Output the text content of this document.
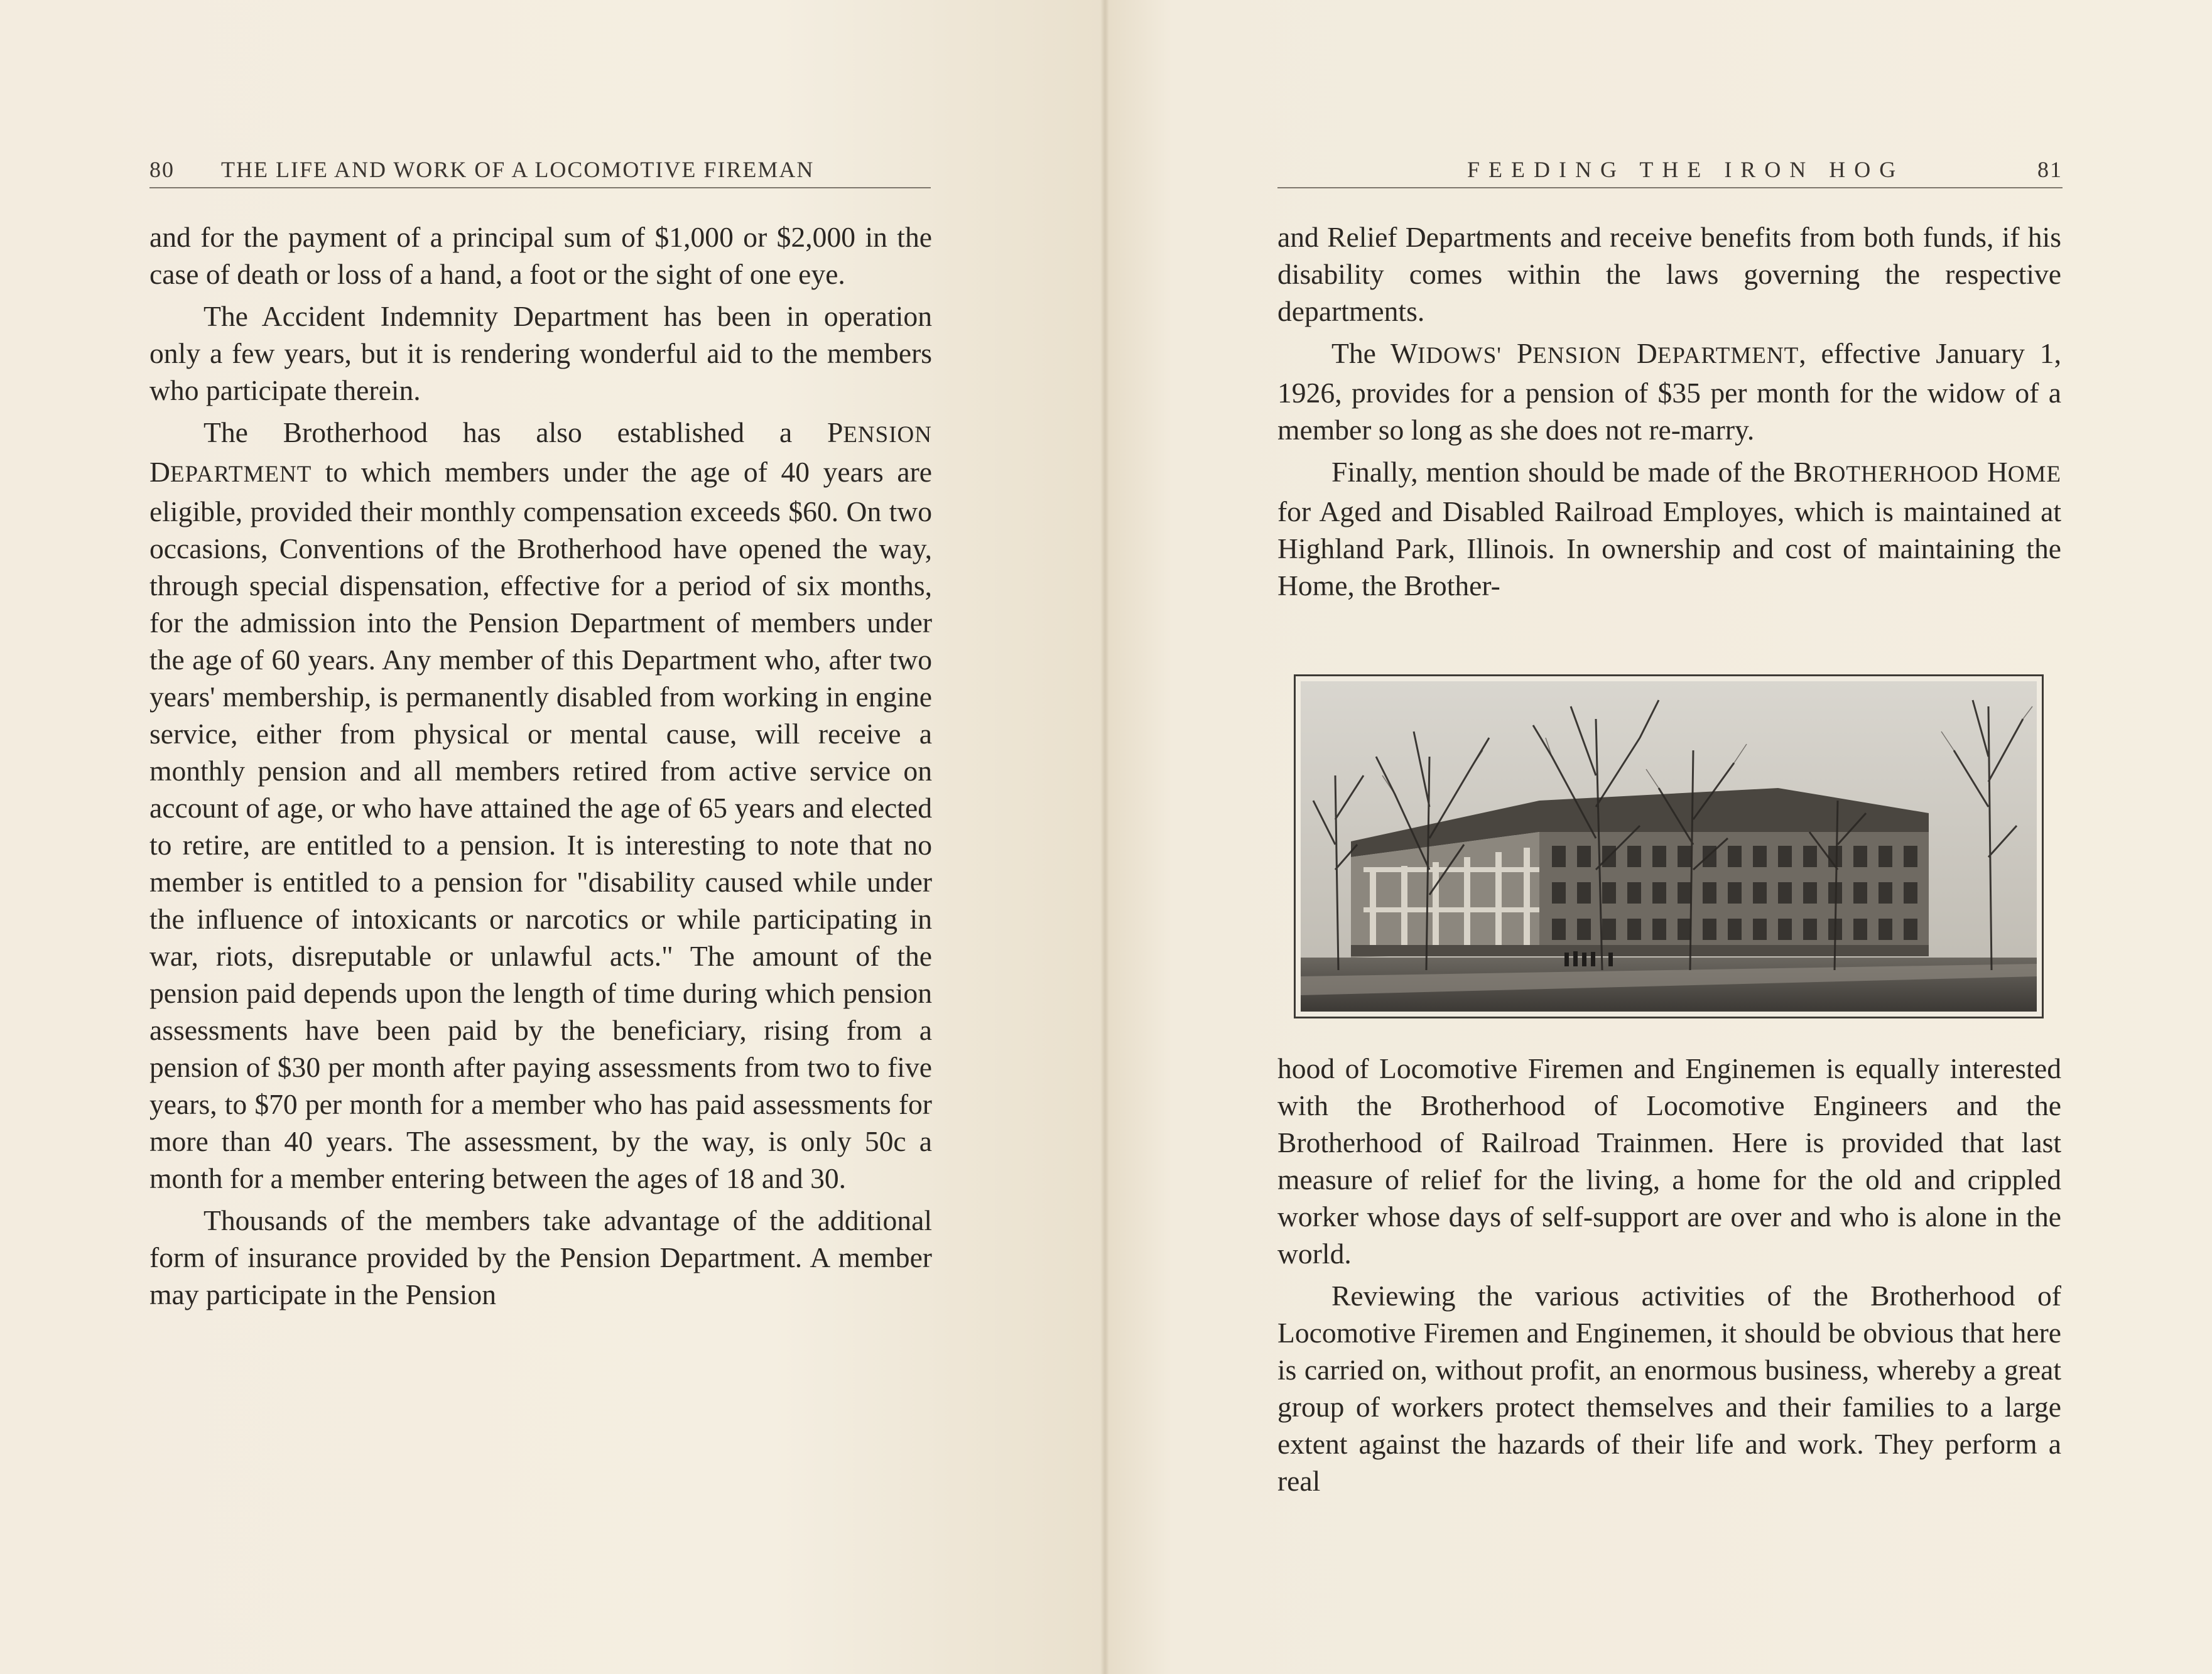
80 THE LIFE AND WORK OF A LOCOMOTIVE FIREMAN	FEEDING THE IRON HOG	81

and for the payment of a principal sum of $1,000 or $2,000 in the case of death or loss of a hand, a foot or the sight of one eye.

The Accident Indemnity Department has been in operation only a few years, but it is rendering wonderful aid to the members who participate therein.

The Brotherhood has also established a PENSION DEPARTMENT to which members under the age of 40 years are eligible, provided their monthly compensation exceeds $60. On two occasions, Conventions of the Brotherhood have opened the way, through special dispensation, effective for a period of six months, for the admission into the Pension Department of members under the age of 60 years. Any member of this Department who, after two years' membership, is permanently disabled from working in engine service, either from physical or mental cause, will receive a monthly pension and all members retired from active service on account of age, or who have attained the age of 65 years and elected to retire, are entitled to a pension. It is interesting to note that no member is entitled to a pension for "disability caused while under the influence of intoxicants or narcotics or while participating in war, riots, disreputable or unlawful acts." The amount of the pension paid depends upon the length of time during which pension assessments have been paid by the beneficiary, rising from a pension of $30 per month after paying assessments from two to five years, to $70 per month for a member who has paid assessments for more than 40 years. The assessment, by the way, is only 50c a month for a member entering between the ages of 18 and 30.

Thousands of the members take advantage of the additional form of insurance provided by the Pension Department. A member may participate in the Pension

and Relief Departments and receive benefits from both funds, if his disability comes within the laws governing the respective departments.

The WIDOWS' PENSION DEPARTMENT, effective January 1, 1926, provides for a pension of $35 per month for the widow of a member so long as she does not re-marry.

Finally, mention should be made of the BROTHERHOOD HOME for Aged and Disabled Railroad Employes, which is maintained at Highland Park, Illinois. In ownership and cost of maintaining the Home, the Brother-

hood of Locomotive Firemen and Enginemen is equally interested with the Brotherhood of Locomotive Engineers and the Brotherhood of Railroad Trainmen. Here is provided that last measure of relief for the living, a home for the old and crippled worker whose days of self-support are over and who is alone in the world.

Reviewing the various activities of the Brotherhood of Locomotive Firemen and Enginemen, it should be obvious that here is carried on, without profit, an enormous business, whereby a great group of workers protect themselves and their families to a large extent against the hazards of their life and work. They perform a real
